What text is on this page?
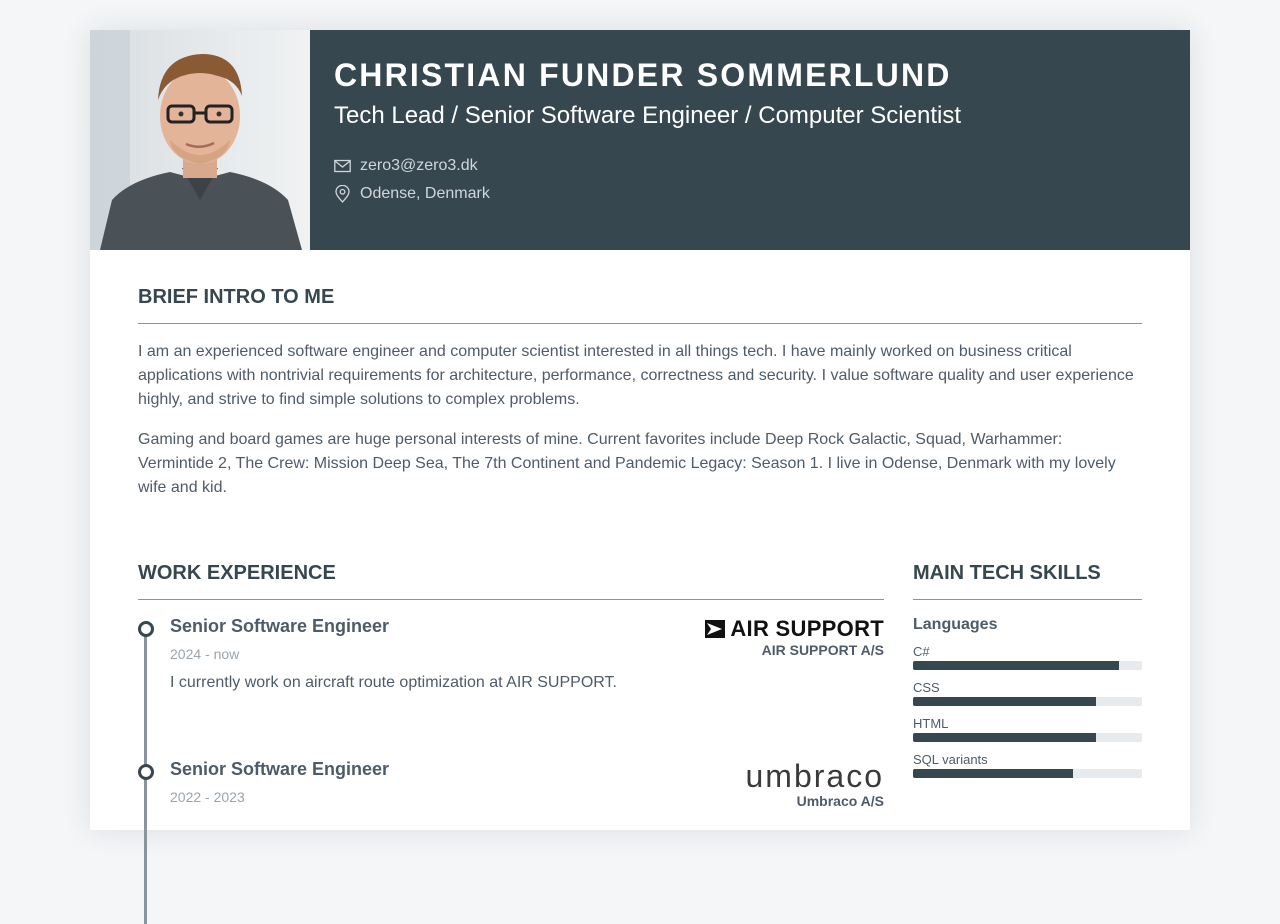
CHRISTIAN FUNDER SOMMERLUND
Tech Lead / Senior Software Engineer / Computer Scientist
zero3@zero3.dk
Odense, Denmark
BRIEF INTRO TO ME

I am an experienced software engineer and computer scientist interested in all things tech. I have mainly worked on business critical applications with nontrivial requirements for architecture, performance, correctness and security. I value software quality and user experience highly, and strive to find simple solutions to complex problems.

Gaming and board games are huge personal interests of mine. Current favorites include Deep Rock Galactic, Squad, Warhammer: Vermintide 2, The Crew: Mission Deep Sea, The 7th Continent and Pandemic Legacy: Season 1. I live in Odense, Denmark with my lovely wife and kid.

WORK EXPERIENCE
Senior Software Engineer
2024 - now
I currently work on aircraft route optimization at AIR SUPPORT.
AIR SUPPORT
AIR SUPPORT A/S
Senior Software Engineer
2022 - 2023
umbraco
Umbraco A/S
MAIN TECH SKILLS
Languages
C#
CSS
HTML
SQL variants
